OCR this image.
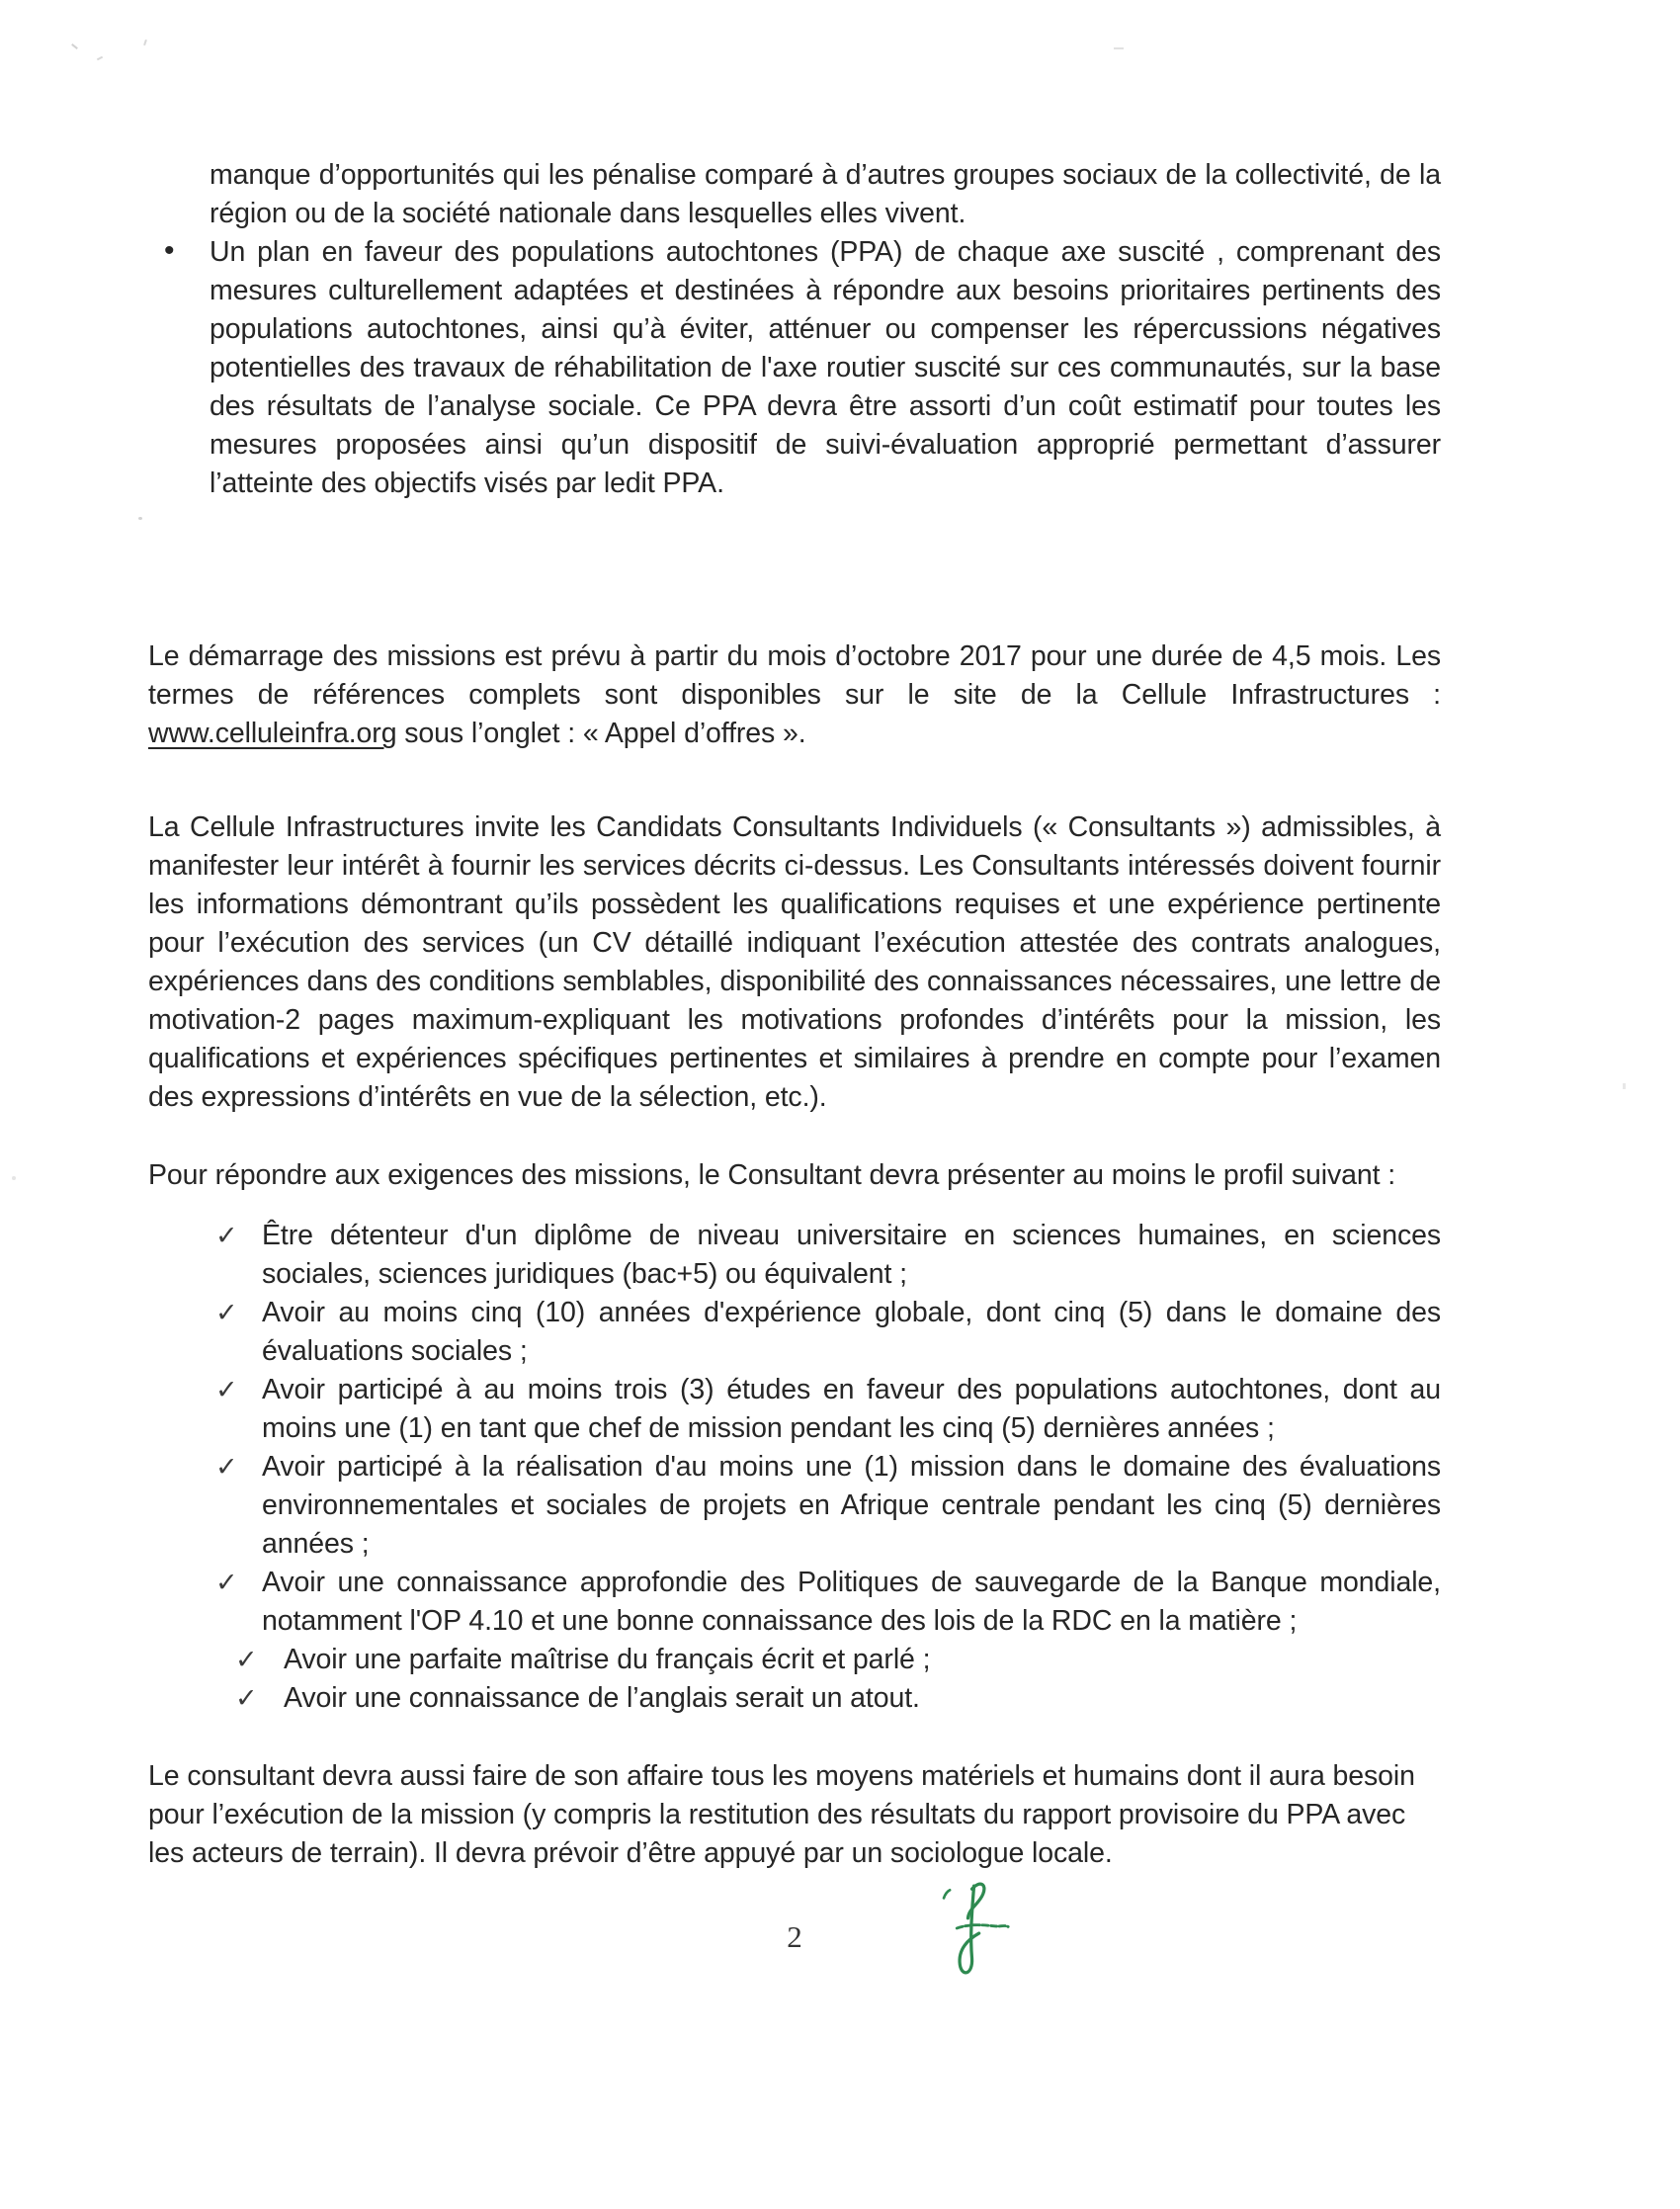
manque d’opportunités qui les pénalise comparé à d’autres groupes sociaux de la collectivité, de la région ou de la société nationale dans lesquelles elles vivent.

• Un plan en faveur des populations autochtones (PPA) de chaque axe suscité , comprenant des mesures culturellement adaptées et destinées à répondre aux besoins prioritaires pertinents des populations autochtones, ainsi qu’à éviter, atténuer ou compenser les répercussions négatives potentielles des travaux de réhabilitation de l'axe routier suscité sur ces communautés, sur la base des résultats de l’analyse sociale. Ce PPA devra être assorti d’un coût estimatif pour toutes les mesures proposées ainsi qu’un dispositif de suivi-évaluation approprié permettant d’assurer l’atteinte des objectifs visés par ledit PPA.

Le démarrage des missions est prévu à partir du mois d’octobre 2017 pour une durée de 4,5 mois. Les termes de références complets sont disponibles sur le site de la Cellule Infrastructures : www.celluleinfra.org sous l’onglet : « Appel d’offres ».

La Cellule Infrastructures invite les Candidats Consultants Individuels (« Consultants ») admissibles, à manifester leur intérêt à fournir les services décrits ci-dessus. Les Consultants intéressés doivent fournir les informations démontrant qu’ils possèdent les qualifications requises et une expérience pertinente pour l’exécution des services (un CV détaillé indiquant l’exécution attestée des contrats analogues, expériences dans des conditions semblables, disponibilité des connaissances nécessaires, une lettre de motivation-2 pages maximum-expliquant les motivations profondes d’intérêts pour la mission, les qualifications et expériences spécifiques pertinentes et similaires à prendre en compte pour l’examen des expressions d’intérêts en vue de la sélection, etc.).

Pour répondre aux exigences des missions, le Consultant devra présenter au moins le profil suivant :

✓ Être détenteur d'un diplôme de niveau universitaire en sciences humaines, en sciences sociales, sciences juridiques (bac+5) ou équivalent ;
✓ Avoir au moins cinq (10) années d'expérience globale, dont cinq (5) dans le domaine des évaluations sociales ;
✓ Avoir participé à au moins trois (3) études en faveur des populations autochtones, dont au moins une (1) en tant que chef de mission pendant les cinq (5) dernières années ;
✓ Avoir participé à la réalisation d'au moins une (1) mission dans le domaine des évaluations environnementales et sociales de projets en Afrique centrale pendant les cinq (5) dernières années ;
✓ Avoir une connaissance approfondie des Politiques de sauvegarde de la Banque mondiale, notamment l'OP 4.10 et une bonne connaissance des lois de la RDC en la matière ;
✓ Avoir une parfaite maîtrise du français écrit et parlé ;
✓ Avoir une connaissance de l’anglais serait un atout.

Le consultant devra aussi faire de son affaire tous les moyens matériels et humains dont il aura besoin pour l’exécution de la mission (y compris la restitution des résultats du rapport provisoire du PPA avec les acteurs de terrain). Il devra prévoir d’être appuyé par un sociologue locale.

2
